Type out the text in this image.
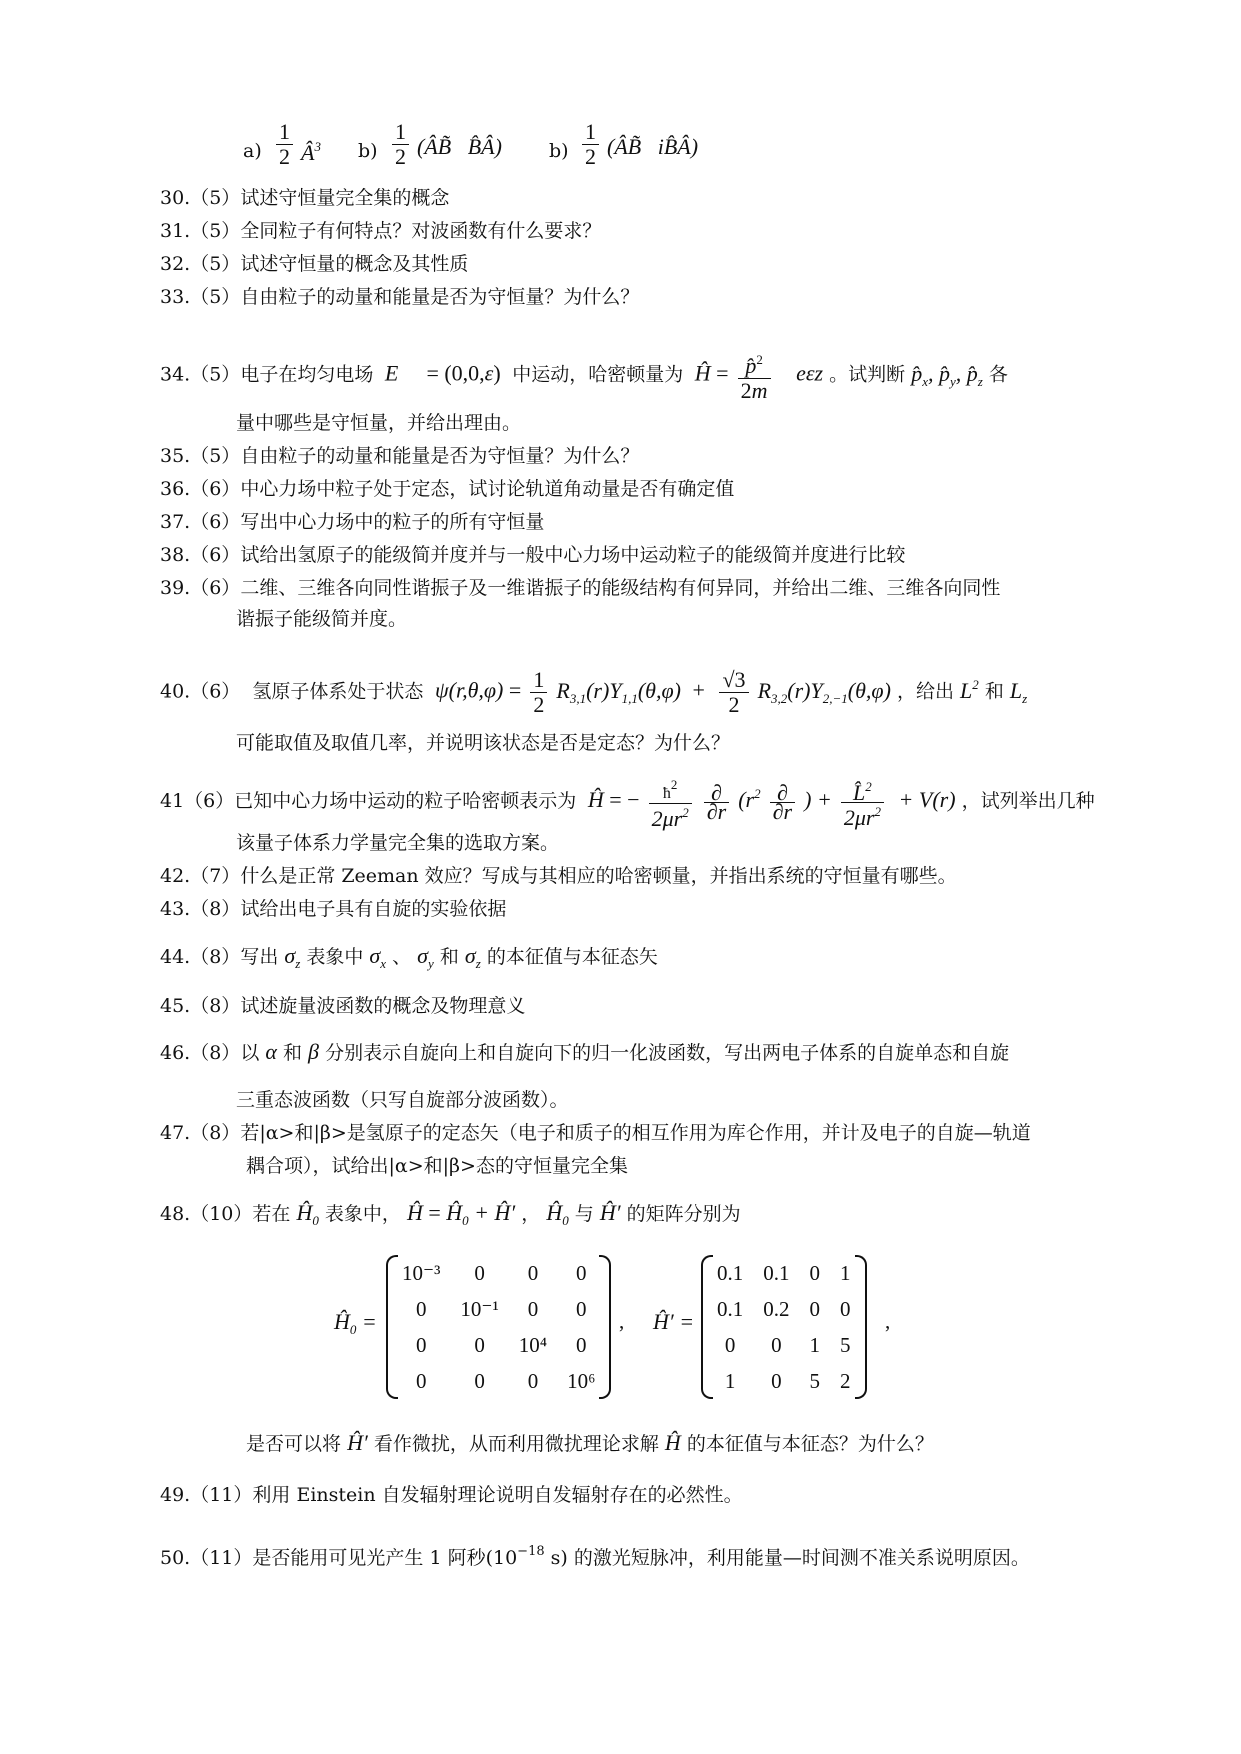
$a) \frac{1}{2}$ $Â^3$ $b) \frac{1}{2}$ (ÂB̃   B̂Â) $b) \frac{1}{2}$ (ÂB̃   iB̂Â)
30.（5）试述守恒量完全集的概念
31.（5）全同粒子有何特点？对波函数有什么要求？
32.（5）试述守恒量的概念及其性质
33.（5）自由粒子的动量和能量是否为守恒量？为什么？
34.（5）电子在均匀电场  E⃗  = (0,0,ε)  中运动，哈密顿量为  Ĥ = $\frac{p̂^2}{2m}$ eεz 。试判断 $p̂_x$, $p̂_y$, $p̂_z$ 各
量中哪些是守恒量，并给出理由。
35.（5）自由粒子的动量和能量是否为守恒量？为什么？
36.（6）中心力场中粒子处于定态，试讨论轨道角动量是否有确定值
37.（6）写出中心力场中的粒子的所有守恒量
38.（6）试给出氢原子的能级简并度并与一般中心力场中运动粒子的能级简并度进行比较
39.（6）二维、三维各向同性谐振子及一维谐振子的能级结构有何异同，并给出二维、三维各向同性
谐振子能级简并度。
40.（6） 氢原子体系处于状态  $\psi(r,\theta,\varphi) = \frac{1}{2} R_{3,1}(r)Y_{1,1}(\theta,\varphi) + \frac{√3}{2} R_{3,2}(r)Y_{2,-1}(\theta,\varphi)$ ，给出 $L^2$ 和 $L_z$
可能取值及取值几率，并说明该状态是否是定态？为什么？
41（6）已知中心力场中运动的粒子哈密顿表示为  Ĥ = − $\frac{ħ^2}{2\mu r^2}$
$\frac{\partial}{\partial r} (r^2 \frac{\partial}{\partial r}$ ) + $\frac{L̂^2}{2\mu r^2} + V(r)$ ，试列举出几种
该量子体系力学量完全集的选取方案。
42.（7）什么是正常 Zeeman 效应？写成与其相应的哈密顿量，并指出系统的守恒量有哪些。
43.（8）试给出电子具有自旋的实验依据
44.（8）写出 $\sigma_z$ 表象中 $\sigma_x$ 、 $\sigma_y$ 和 $\sigma_z$ 的本征值与本征态矢
45.（8）试述旋量波函数的概念及物理意义
46.（8）以 α 和 β 分别表示自旋向上和自旋向下的归一化波函数，写出两电子体系的自旋单态和自旋
三重态波函数（只写自旋部分波函数）。
47.（8）若|α>和|β>是氢原子的定态矢（电子和质子的相互作用为库仑作用，并计及电子的自旋—轨道
耦合项），试给出|α>和|β>态的守恒量完全集
48.（10）若在 $Ĥ_0$ 表象中， Ĥ = $Ĥ_0$ + Ĥ′ ， $Ĥ_0$ 与 Ĥ′ 的矩阵分别为
$Ĥ_0$ =
10⁻³	0	0	0
0	10⁻¹	0	0
0	0	10⁴	0
0	0	0	10⁶
, Ĥ′ =
0.1	0.1	0	1
0.1	0.2	0	0
0	0	1	5
1	0	5	2
,
是否可以将 Ĥ′ 看作微扰，从而利用微扰理论求解 Ĥ 的本征值与本征态？为什么？
49.（11）利用 Einstein 自发辐射理论说明自发辐射存在的必然性。
50.（11）是否能用可见光产生 1 阿秒($10^{-18}$ s) 的激光短脉冲，利用能量—时间测不准关系说明原因。
